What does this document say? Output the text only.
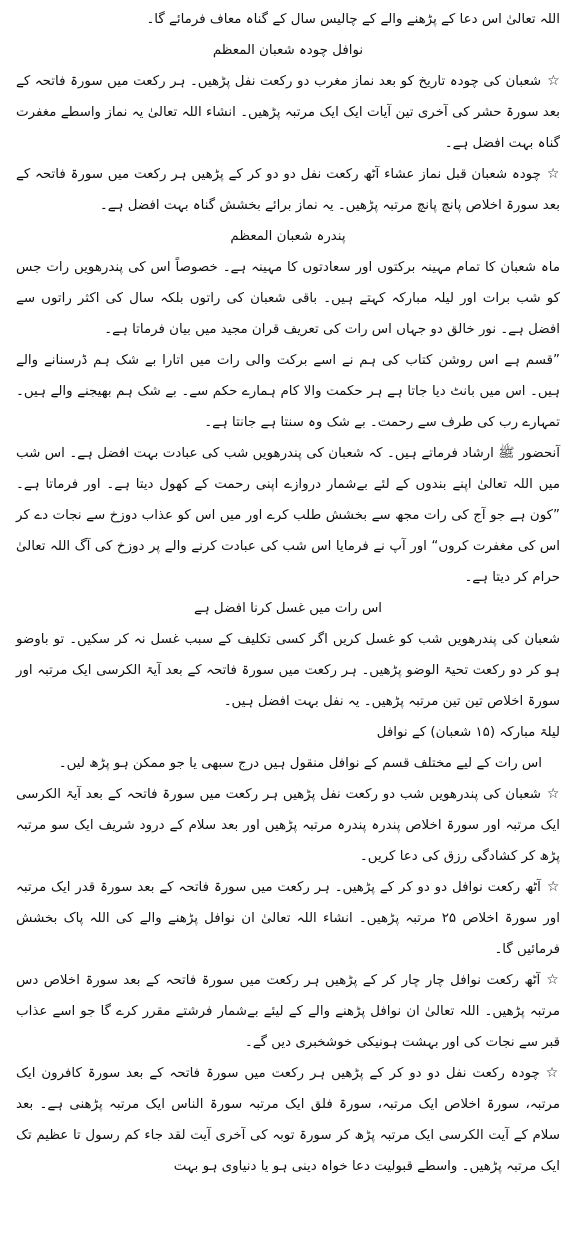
اللہ تعالیٰ اس دعا کے پڑھنے والے کے چالیس سال کے گناہ معاف فرمائے گا۔

نوافل چودہ شعبان المعظم

☆شعبان کی چودہ تاریخ کو بعد نماز مغرب دو رکعت نفل پڑھیں۔ ہر رکعت میں سورۃ فاتحہ کے بعد سورۃ حشر کی آخری تین آیات ایک ایک مرتبہ پڑھیں۔ انشاء اللہ تعالیٰ یہ نماز واسطے مغفرت گناہ بہت افضل ہے۔

☆چودہ شعبان قبل نماز عشاء آٹھ رکعت نفل دو دو کر کے پڑھیں ہر رکعت میں سورۃ فاتحہ کے بعد سورۃ اخلاص پانچ پانچ مرتبہ پڑھیں۔ یہ نماز برائے بخشش گناہ بہت افضل ہے۔

پندرہ شعبان المعظم

ماہ شعبان کا تمام مہینہ برکتوں اور سعادتوں کا مہینہ ہے۔ خصوصاً اس کی پندرھویں رات جس کو شب برات اور لیلہ مبارکہ کہتے ہیں۔ باقی شعبان کی راتوں بلکہ سال کی اکثر راتوں سے افضل ہے۔ نور خالق دو جہاں اس رات کی تعریف قران مجید میں بیان فرماتا ہے۔

”قسم ہے اس روشن کتاب کی ہم نے اسے برکت والی رات میں اتارا بے شک ہم ڈرسنانے والے ہیں۔ اس میں بانٹ دیا جاتا ہے ہر حکمت والا کام ہمارے حکم سے۔ بے شک ہم بھیجنے والے ہیں۔ تمہارے رب کی طرف سے رحمت۔ بے شک وہ سنتا ہے جانتا ہے۔

آنحضور ﷺ ارشاد فرماتے ہیں۔ کہ شعبان کی پندرھویں شب کی عبادت بہت افضل ہے۔ اس شب میں اللہ تعالیٰ اپنے بندوں کے لئے بےشمار دروازے اپنی رحمت کے کھول دیتا ہے۔ اور فرماتا ہے۔ ”کون ہے جو آج کی رات مجھ سے بخشش طلب کرے اور میں اس کو عذاب دوزخ سے نجات دے کر اس کی مغفرت کروں“ اور آپ نے فرمایا اس شب کی عبادت کرنے والے پر دوزخ کی آگ اللہ تعالیٰ حرام کر دیتا ہے۔

اس رات میں غسل کرنا افضل ہے

شعبان کی پندرھویں شب کو غسل کریں اگر کسی تکلیف کے سبب غسل نہ کر سکیں۔ تو باوضو ہو کر دو رکعت تحیۃ الوضو پڑھیں۔ ہر رکعت میں سورۃ فاتحہ کے بعد آیۃ الکرسی ایک مرتبہ اور سورۃ اخلاص تین تین مرتبہ پڑھیں۔ یہ نفل بہت افضل ہیں۔

لیلۃ مبارکہ (۱۵ شعبان) کے نوافل

اس رات کے لیے مختلف قسم کے نوافل منقول ہیں درج سبھی یا جو ممکن ہو پڑھ لیں۔

☆شعبان کی پندرھویں شب دو رکعت نفل پڑھیں ہر رکعت میں سورۃ فاتحہ کے بعد آیۃ الکرسی ایک مرتبہ اور سورۃ اخلاص پندرہ پندرہ مرتبہ پڑھیں اور بعد سلام کے درود شریف ایک سو مرتبہ پڑھ کر کشادگی رزق کی دعا کریں۔

☆آٹھ رکعت نوافل دو دو کر کے پڑھیں۔ ہر رکعت میں سورۃ فاتحہ کے بعد سورۃ قدر ایک مرتبہ اور سورۃ اخلاص ۲۵ مرتبہ پڑھیں۔ انشاء اللہ تعالیٰ ان نوافل پڑھنے والے کی اللہ پاک بخشش فرمائیں گا۔

☆آٹھ رکعت نوافل چار چار کر کے پڑھیں ہر رکعت میں سورۃ فاتحہ کے بعد سورۃ اخلاص دس مرتبہ پڑھیں۔ اللہ تعالیٰ ان نوافل پڑھنے والے کے لیئے بےشمار فرشتے مقرر کرے گا جو اسے عذاب قبر سے نجات کی اور بہشت ہونیکی خوشخبری دیں گے۔

☆چودہ رکعت نفل دو دو کر کے پڑھیں ہر رکعت میں سورۃ فاتحہ کے بعد سورۃ کافرون ایک مرتبہ، سورۃ اخلاص ایک مرتبہ، سورۃ فلق ایک مرتبہ سورۃ الناس ایک مرتبہ پڑھنی ہے۔ بعد سلام کے آیت الکرسی ایک مرتبہ پڑھ کر سورۃ توبہ کی آخری آیت لقد جاء کم رسول تا عظیم تک ایک مرتبہ پڑھیں۔ واسطے قبولیت دعا خواہ دینی ہو یا دنیاوی ہو بہت
